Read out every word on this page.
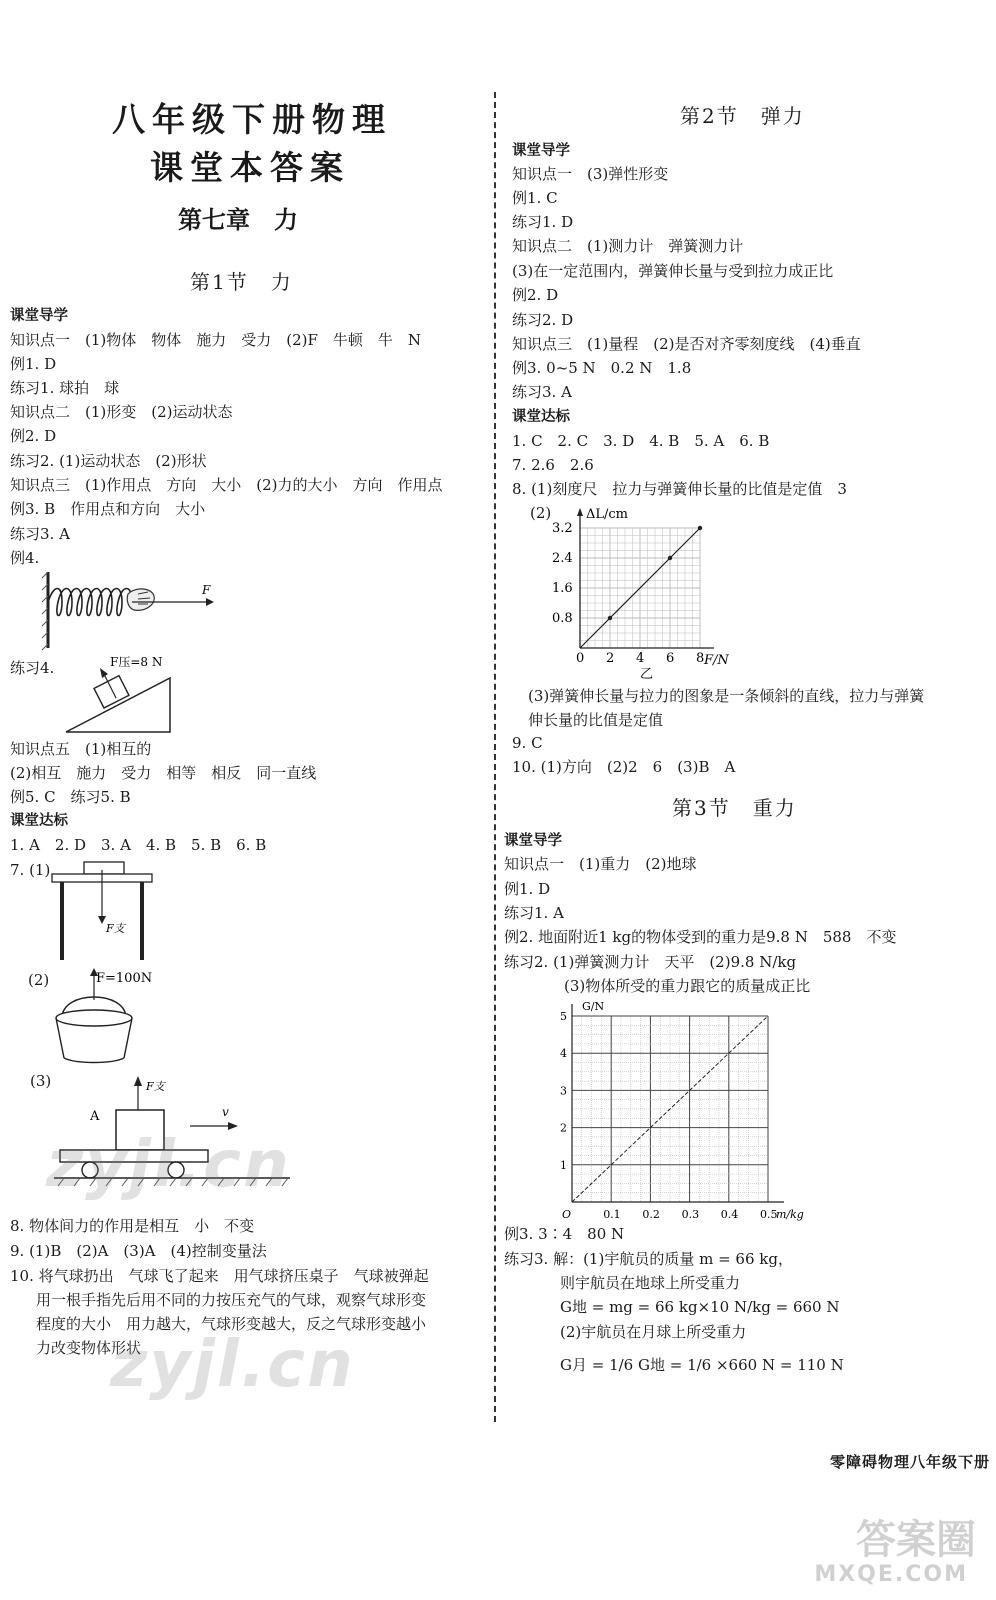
八年级下册物理
课堂本答案
第七章　力
第1节　力
课堂导学
知识点一　(1)物体　物体　施力　受力　(2)F　牛顿　牛　N
例1. D
练习1. 球拍　球
知识点二　(1)形变　(2)运动状态
例2. D
练习2. (1)运动状态　(2)形状
知识点三　(1)作用点　方向　大小　(2)力的大小　方向　作用点
例3. B　作用点和方向　大小
练习3. A
例4.
练习4.
知识点五　(1)相互的
(2)相互　施力　受力　相等　相反　同一直线
例5. C　练习5. B
课堂达标
1. A　2. D　3. A　4. B　5. B　6. B
7. (1)
(2)
(3)
8. 物体间力的作用是相互　小　不变
9. (1)B　(2)A　(3)A　(4)控制变量法
10. 将气球扔出　气球飞了起来　用气球挤压桌子　气球被弹起
用一根手指先后用不同的力按压充气的气球，观察气球形变
程度的大小　用力越大，气球形变越大，反之气球形变越小
力改变物体形状
F
F压=8 N
F支
F=100N
A
F支
v
第2节　弹力
课堂导学
知识点一　(3)弹性形变
例1. C
练习1. D
知识点二　(1)测力计　弹簧测力计
(3)在一定范围内，弹簧伸长量与受到拉力成正比
例2. D
练习2. D
知识点三　(1)量程　(2)是否对齐零刻度线　(4)垂直
例3. 0~5 N　0.2 N　1.8
练习3. A
课堂达标
1. C　2. C　3. D　4. B　5. A　6. B
7. 2.6　2.6
8. (1)刻度尺　拉力与弹簧伸长量的比值是定值　3
(2)
(3)弹簧伸长量与拉力的图象是一条倾斜的直线，拉力与弹簧
伸长量的比值是定值
9. C
10. (1)方向　(2)2　6　(3)B　A
课堂导学
知识点一　(1)重力　(2)地球
例1. D
练习1. A
例2. 地面附近1 kg的物体受到的重力是9.8 N　588　不变
练习2. (1)弹簧测力计　天平　(2)9.8 N/kg
(3)物体所受的重力跟它的质量成正比
例3. 3∶4　80 N
练习3. 解：(1)宇航员的质量 m = 66 kg，
则宇航员在地球上所受重力
G地 = mg = 66 kg×10 N/kg = 660 N
(2)宇航员在月球上所受重力
G月 = 1/6 G地 = 1/6 ×660 N = 110 N
第3节　重力
ΔL/cm
F/N
0 2 4 6 8
0.8
1.6
2.4
3.2
乙
G/N
m/kg
O	0.1 0.2 0.3 0.4 0.5
1
2
3
4
5
零障碍物理八年级下册
zyjl.cn
zyjl.cn
答案圈
MXQE.COM
